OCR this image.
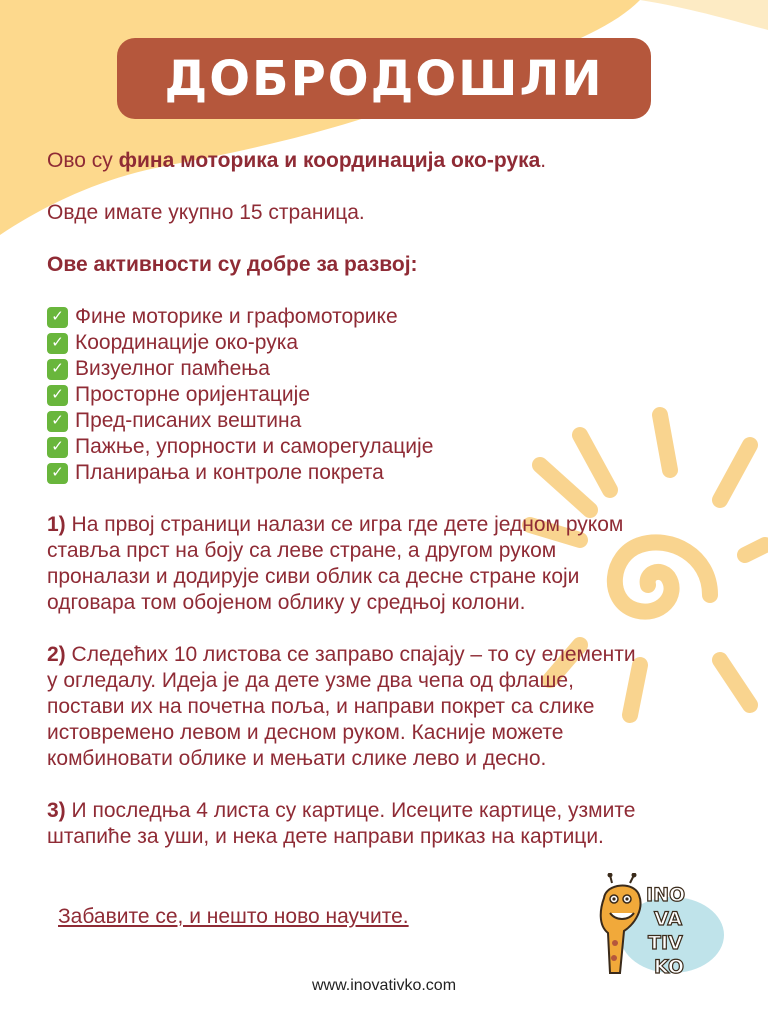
ДОБРОДОШЛИ

Ово су фина моторика и координација око-рука.

Овде имате укупно 15 страница.

Ове активности су добре за развој:

✓ Фине моторике и графомоторике
✓ Координације око-рука
✓ Визуелног памћења
✓ Просторне оријентације
✓ Пред-писаних вештина
✓ Пажње, упорности и саморегулације
✓ Планирања и контроле покрета
1) На првој страници налази се игра где дете једном руком
ставља прст на боју са леве стране, а другом руком
проналази и додирује сиви облик са десне стране који
одговара том обојеном облику у средњој колони.
2) Следећих 10 листова се заправо спајају – то су елементи
у огледалу. Идеја је да дете узме два чепа од флаше,
постави их на почетна поља, и направи покрет са слике
истовремено левом и десном руком. Касније можете
комбиновати облике и мењати слике лево и десно.
3) И последња 4 листа су картице. Исеците картице, узмите
штапиће за уши, и нека дете направи приказ на картици.
Забавите се, и нешто ново научите.
www.inovativko.com
INO
VA
TIV
KO
